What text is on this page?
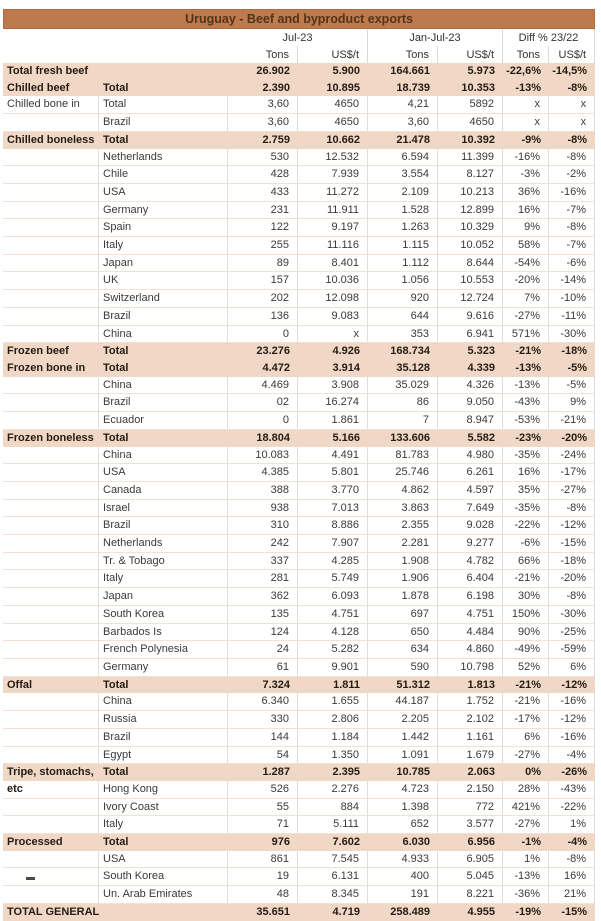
Uruguay - Beef and byproduct exports							
		Jul-23		Jan-Jul-23		Diff % 23/22	
		Tons	US$/t	Tons	US$/t	Tons	US$/t
Total fresh beef		26.902	5.900	164.661	5.973	-22,6%	-14,5%
Chilled beef	Total	2.390	10.895	18.739	10.353	-13%	-8%
Chilled bone in	Total	3,60	4650	4,21	5892	x	x
	Brazil	3,60	4650	3,60	4650	x	x
Chilled boneless	Total	2.759	10.662	21.478	10.392	-9%	-8%
	Netherlands	530	12.532	6.594	11.399	-16%	-8%
	Chile	428	7.939	3.554	8.127	-3%	-2%
	USA	433	11.272	2.109	10.213	36%	-16%
	Germany	231	11.911	1.528	12.899	16%	-7%
	Spain	122	9.197	1.263	10.329	9%	-8%
	Italy	255	11.116	1.115	10.052	58%	-7%
	Japan	89	8.401	1.112	8.644	-54%	-6%
	UK	157	10.036	1.056	10.553	-20%	-14%
	Switzerland	202	12.098	920	12.724	7%	-10%
	Brazil	136	9.083	644	9.616	-27%	-11%
	China	0	x	353	6.941	571%	-30%
Frozen beef	Total	23.276	4.926	168.734	5.323	-21%	-18%
Frozen bone in	Total	4.472	3.914	35.128	4.339	-13%	-5%
	China	4.469	3.908	35.029	4.326	-13%	-5%
	Brazil	02	16.274	86	9.050	-43%	9%
	Ecuador	0	1.861	7	8.947	-53%	-21%
Frozen boneless	Total	18.804	5.166	133.606	5.582	-23%	-20%
	China	10.083	4.491	81.783	4.980	-35%	-24%
	USA	4.385	5.801	25.746	6.261	16%	-17%
	Canada	388	3.770	4.862	4.597	35%	-27%
	Israel	938	7.013	3.863	7.649	-35%	-8%
	Brazil	310	8.886	2.355	9.028	-22%	-12%
	Netherlands	242	7.907	2.281	9.277	-6%	-15%
	Tr. & Tobago	337	4.285	1.908	4.782	66%	-18%
	Italy	281	5.749	1.906	6.404	-21%	-20%
	Japan	362	6.093	1.878	6.198	30%	-8%
	South Korea	135	4.751	697	4.751	150%	-30%
	Barbados Is	124	4.128	650	4.484	90%	-25%
	French Polynesia	24	5.282	634	4.860	-49%	-59%
	Germany	61	9.901	590	10.798	52%	6%
Offal	Total	7.324	1.811	51.312	1.813	-21%	-12%
	China	6.340	1.655	44.187	1.752	-21%	-16%
	Russia	330	2.806	2.205	2.102	-17%	-12%
	Brazil	144	1.184	1.442	1.161	6%	-16%
	Egypt	54	1.350	1.091	1.679	-27%	-4%
Tripe, stomachs,	Total	1.287	2.395	10.785	2.063	0%	-26%
etc	Hong Kong	526	2.276	4.723	2.150	28%	-43%
	Ivory Coast	55	884	1.398	772	421%	-22%
	Italy	71	5.111	652	3.577	-27%	1%
Processed	Total	976	7.602	6.030	6.956	-1%	-4%
	USA	861	7.545	4.933	6.905	1%	-8%
	South Korea	19	6.131	400	5.045	-13%	16%
	Un. Arab Emirates	48	8.345	191	8.221	-36%	21%
TOTAL GENERAL		35.651	4.719	258.489	4.955	-19%	-15%
